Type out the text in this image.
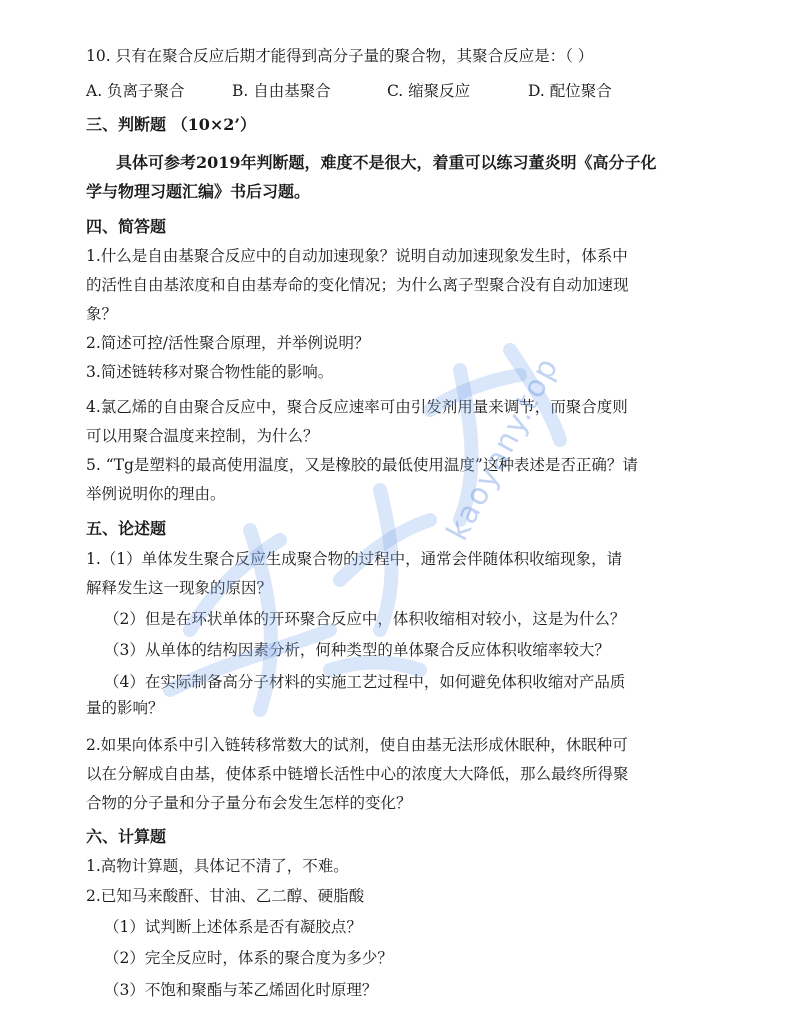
10. 只有在聚合反应后期才能得到高分子量的聚合物，其聚合反应是：（ ）
A. 负离子聚合	B. 自由基聚合	C. 缩聚反应	D. 配位聚合
三、判断题 （10×2’）
具体可参考2019年判断题，难度不是很大，着重可以练习董炎明《高分子化
学与物理习题汇编》书后习题。
四、简答题
1.什么是自由基聚合反应中的自动加速现象？说明自动加速现象发生时，体系中
的活性自由基浓度和自由基寿命的变化情况；为什么离子型聚合没有自动加速现
象？
2.简述可控/活性聚合原理，并举例说明？
3.简述链转移对聚合物性能的影响。
4.氯乙烯的自由聚合反应中，聚合反应速率可由引发剂用量来调节，而聚合度则
可以用聚合温度来控制，为什么？
5. “Tg是塑料的最高使用温度，又是橡胶的最低使用温度”这种表述是否正确？请
举例说明你的理由。
五、论述题
1.（1）单体发生聚合反应生成聚合物的过程中，通常会伴随体积收缩现象，请
解释发生这一现象的原因？
（2）但是在环状单体的开环聚合反应中，体积收缩相对较小，这是为什么？
（3）从单体的结构因素分析，何种类型的单体聚合反应体积收缩率较大？
（4）在实际制备高分子材料的实施工艺过程中，如何避免体积收缩对产品质
量的影响？
2.如果向体系中引入链转移常数大的试剂，使自由基无法形成休眠种，休眠种可
以在分解成自由基，使体系中链增长活性中心的浓度大大降低，那么最终所得聚
合物的分子量和分子量分布会发生怎样的变化？
六、计算题
1.高物计算题，具体记不清了，不难。
2.已知马来酸酐、甘油、乙二醇、硬脂酸
（1）试判断上述体系是否有凝胶点？
（2）完全反应时，体系的聚合度为多少？
（3）不饱和聚酯与苯乙烯固化时原理？
kaoyany.top
